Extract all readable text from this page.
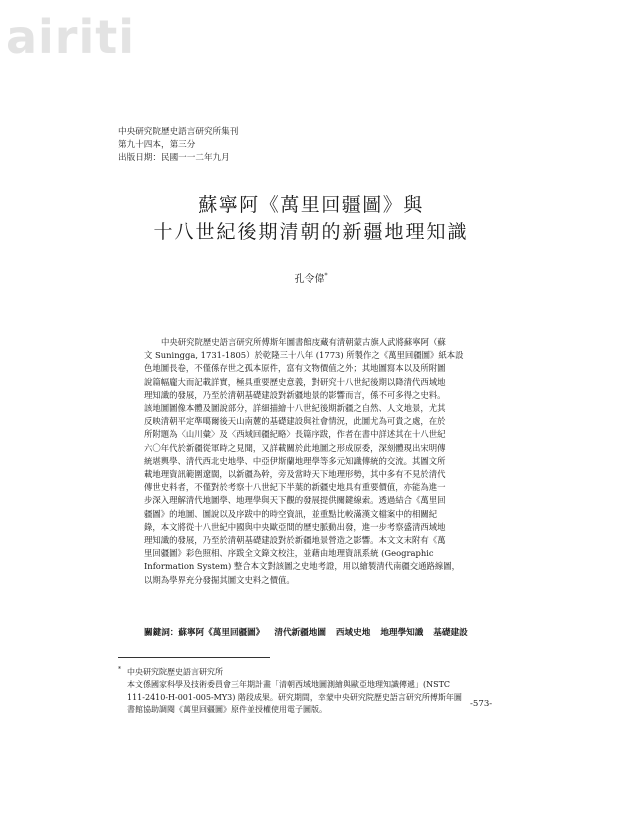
airiti
中央研究院歷史語言研究所集刊
第九十四本，第三分
出版日期：民國一一二年九月
蘇寧阿《萬里回疆圖》與
十八世紀後期清朝的新疆地理知識
孔令偉*
中央研究院歷史語言研究所傅斯年圖書館庋藏有清朝蒙古旗人武將蘇寧阿（蘇
文 Suningga, 1731-1805）於乾隆三十八年 (1773) 所製作之《萬里回疆圖》紙本設
色地圖長卷，不僅係存世之孤本原件，富有文物價值之外；其地圖寫本以及所附圖
說篇幅龐大而記載詳實，極具重要歷史意義，對研究十八世紀後期以降清代西域地
理知識的發展，乃至於清朝基礎建設對新疆地景的影響而言，係不可多得之史料。
該地圖圖像本體及圖說部分，詳細描繪十八世紀後期新疆之自然、人文地景，尤其
反映清朝平定準噶爾後天山南麓的基礎建設與社會情況，此圖尤為可貴之處，在於
所附題為〈山川彙〉及〈西域回疆紀略〉長篇序跋，作者在書中詳述其在十八世紀
六〇年代於新疆從軍時之見聞，又詳載關於此地圖之形成原委，深刻體現出宋明傳
統堪輿學、清代西北史地學、中亞伊斯蘭地理學等多元知識傳統的交流。其圖文所
載地理資訊範圍遼闊，以新疆為幹，旁及當時天下地理形勢，其中多有不見於清代
傳世史料者，不僅對於考察十八世紀下半葉的新疆史地具有重要價值，亦能為進一
步深入理解清代地圖學、地理學與天下觀的發展提供關鍵線索。透過結合《萬里回
疆圖》的地圖、圖說以及序跋中的時空資訊，並重點比較滿漢文檔案中的相關紀
錄，本文將從十八世紀中國與中央歐亞間的歷史脈動出發，進一步考察盛清西域地
理知識的發展，乃至於清朝基礎建設對於新疆地景營造之影響。本文文末附有《萬
里回疆圖》彩色照相、序跋全文錄文校注，並藉由地理資訊系統 (Geographic
Information System) 整合本文對該圖之史地考證，用以繪製清代南疆交通路線圖，
以期為學界充分發掘其圖文史料之價值。
關鍵詞：蘇寧阿《萬里回疆圖》 清代新疆地圖 西域史地 地理學知識 基礎建設
* 中央研究院歷史語言研究所
本文係國家科學及技術委員會三年期計畫「清朝西域地圖測繪與歐亞地理知識傳遞」(NSTC
111-2410-H-001-005-MY3) 階段成果。研究期間，幸蒙中央研究院歷史語言研究所傅斯年圖
書館協助調閱《萬里回疆圖》原件並授權使用電子圖版。
-573-
